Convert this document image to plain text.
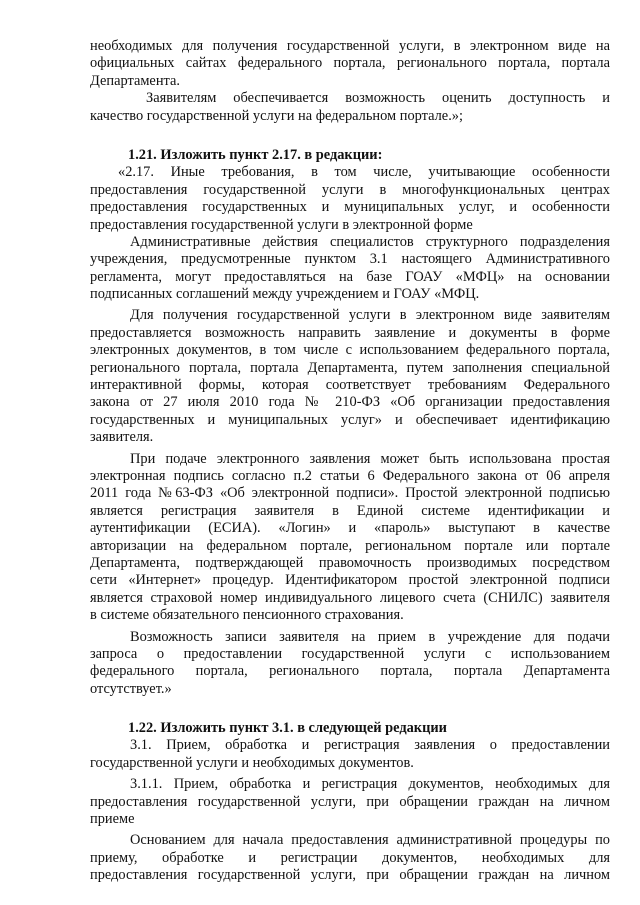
необходимых для получения государственной услуги, в электронном виде на
официальных сайтах федерального портала, регионального портала, портала
Департамента.
Заявителям обеспечивается возможность оценить доступность и
качество государственной услуги на федеральном портале.»;
1.21. Изложить пункт 2.17. в редакции:
«2.17. Иные требования, в том числе, учитывающие особенности
предоставления государственной услуги в многофункциональных центрах
предоставления государственных и муниципальных услуг, и особенности
предоставления государственной услуги в электронной форме
Административные действия специалистов структурного подразделения
учреждения, предусмотренные пунктом 3.1 настоящего Административного
регламента, могут предоставляться на базе ГОАУ «МФЦ» на основании
подписанных соглашений между учреждением и ГОАУ «МФЦ.
Для получения государственной услуги в электронном виде заявителям
предоставляется возможность направить заявление и документы в форме
электронных документов, в том числе с использованием федерального портала,
регионального портала, портала Департамента, путем заполнения специальной
интерактивной формы, которая соответствует требованиям Федерального
закона от 27 июля 2010 года № 210-ФЗ «Об организации предоставления
государственных и муниципальных услуг» и обеспечивает идентификацию
заявителя.
При подаче электронного заявления может быть использована простая
электронная подпись согласно п.2 статьи 6 Федерального закона от 06 апреля
2011 года №63-ФЗ «Об электронной подписи». Простой электронной подписью
является регистрация заявителя в Единой системе идентификации и
аутентификации (ЕСИА). «Логин» и «пароль» выступают в качестве
авторизации на федеральном портале, региональном портале или портале
Департамента, подтверждающей правомочность производимых посредством
сети «Интернет» процедур. Идентификатором простой электронной подписи
является страховой номер индивидуального лицевого счета (СНИЛС) заявителя
в системе обязательного пенсионного страхования.
Возможность записи заявителя на прием в учреждение для подачи
запроса о предоставлении государственной услуги с использованием
федерального портала, регионального портала, портала Департамента
отсутствует.»
1.22. Изложить пункт 3.1. в следующей редакции
3.1. Прием, обработка и регистрация заявления о предоставлении
государственной услуги и необходимых документов.
3.1.1. Прием, обработка и регистрация документов, необходимых для
предоставления государственной услуги, при обращении граждан на личном
приеме
Основанием для начала предоставления административной процедуры по
приему, обработке и регистрации документов, необходимых для
предоставления государственной услуги, при обращении граждан на личном
